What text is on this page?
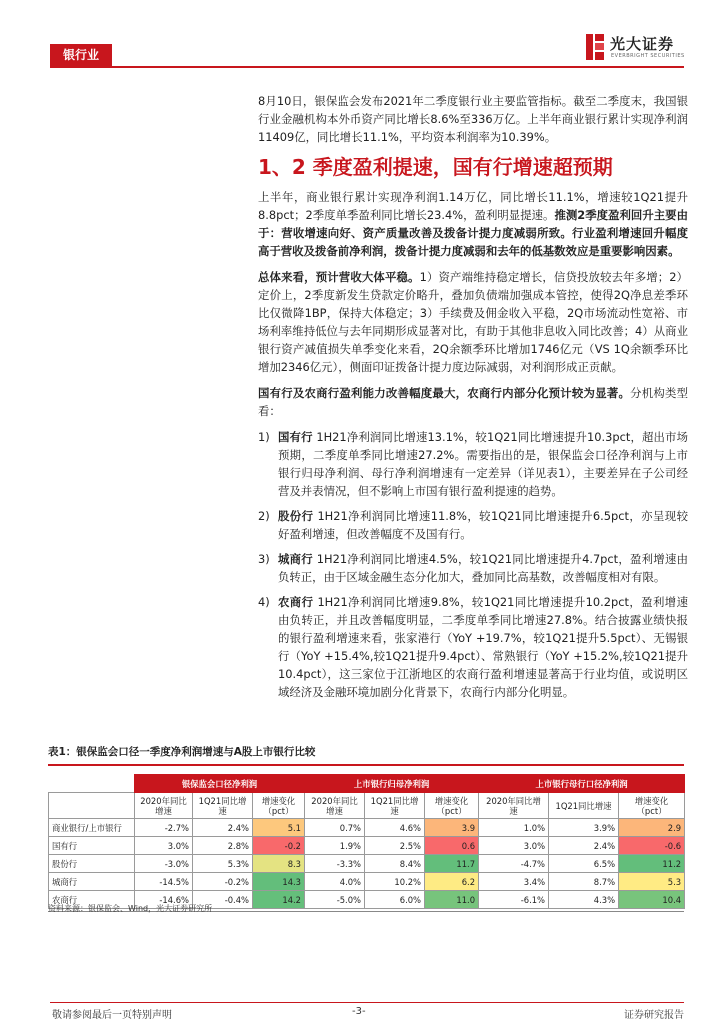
银行业
光大证券
EVERBRIGHT SECURITIES

8月10日，银保监会发布2021年二季度银行业主要监管指标。截至二季度末，我国银行业金融机构本外币资产同比增长8.6%至336万亿。上半年商业银行累计实现净利润11409亿，同比增长11.1%，平均资本利润率为10.39%。

1、2 季度盈利提速，国有行增速超预期

上半年，商业银行累计实现净利润1.14万亿，同比增长11.1%，增速较1Q21提升8.8pct；2季度单季盈利同比增长23.4%，盈利明显提速。推测2季度盈利回升主要由于：营收增速向好、资产质量改善及拨备计提力度减弱所致。行业盈利增速回升幅度高于营收及拨备前净利润，拨备计提力度减弱和去年的低基数效应是重要影响因素。

总体来看，预计营收大体平稳。1）资产端维持稳定增长，信贷投放较去年多增；2）定价上，2季度新发生贷款定价略升，叠加负债端加强成本管控，使得2Q净息差季环比仅微降1BP，保持大体稳定；3）手续费及佣金收入平稳，2Q市场流动性宽裕、市场利率维持低位与去年同期形成显著对比，有助于其他非息收入同比改善；4）从商业银行资产减值损失单季变化来看，2Q余额季环比增加1746亿元（VS 1Q余额季环比增加2346亿元），侧面印证拨备计提力度边际减弱，对利润形成正贡献。

国有行及农商行盈利能力改善幅度最大，农商行内部分化预计较为显著。分机构类型看：

1) 国有行 1H21净利润同比增速13.1%，较1Q21同比增速提升10.3pct，超出市场预期，二季度单季同比增速27.2%。需要指出的是，银保监会口径净利润与上市银行归母净利润、母行净利润增速有一定差异（详见表1），主要差异在子公司经营及并表情况，但不影响上市国有银行盈利提速的趋势。
2) 股份行 1H21净利润同比增速11.8%，较1Q21同比增速提升6.5pct，亦呈现较好盈利增速，但改善幅度不及国有行。
3) 城商行 1H21净利润同比增速4.5%，较1Q21同比增速提升4.7pct，盈利增速由负转正，由于区域金融生态分化加大，叠加同比高基数，改善幅度相对有限。
4) 农商行 1H21净利润同比增速9.8%，较1Q21同比增速提升10.2pct，盈利增速由负转正，并且改善幅度明显，二季度单季同比增速27.8%。结合披露业绩快报的银行盈利增速来看，张家港行（YoY +19.7%，较1Q21提升5.5pct）、无锡银行（YoY +15.4%,较1Q21提升9.4pct）、常熟银行（YoY +15.2%,较1Q21提升10.4pct），这三家位于江浙地区的农商行盈利增速显著高于行业均值，或说明区域经济及金融环境加剧分化背景下，农商行内部分化明显。
表1：银保监会口径一季度净利润增速与A股上市银行比较
	银保监会口径净利润			上市银行归母净利润			上市银行母行口径净利润		
	2020年同比增速	1Q21同比增速	增速变化（pct）	2020年同比增速	1Q21同比增速	增速变化（pct）	2020年同比增速	1Q21同比增速	增速变化（pct）
商业银行/上市银行	-2.7%	2.4%	5.1	0.7%	4.6%	3.9	1.0%	3.9%	2.9
国有行	3.0%	2.8%	-0.2	1.9%	2.5%	0.6	3.0%	2.4%	-0.6
股份行	-3.0%	5.3%	8.3	-3.3%	8.4%	11.7	-4.7%	6.5%	11.2
城商行	-14.5%	-0.2%	14.3	4.0%	10.2%	6.2	3.4%	8.7%	5.3
农商行	-14.6%	-0.4%	14.2	-5.0%	6.0%	11.0	-6.1%	4.3%	10.4
资料来源：银保监会、Wind，光大证券研究所
敬请参阅最后一页特别声明	-3-	证券研究报告
